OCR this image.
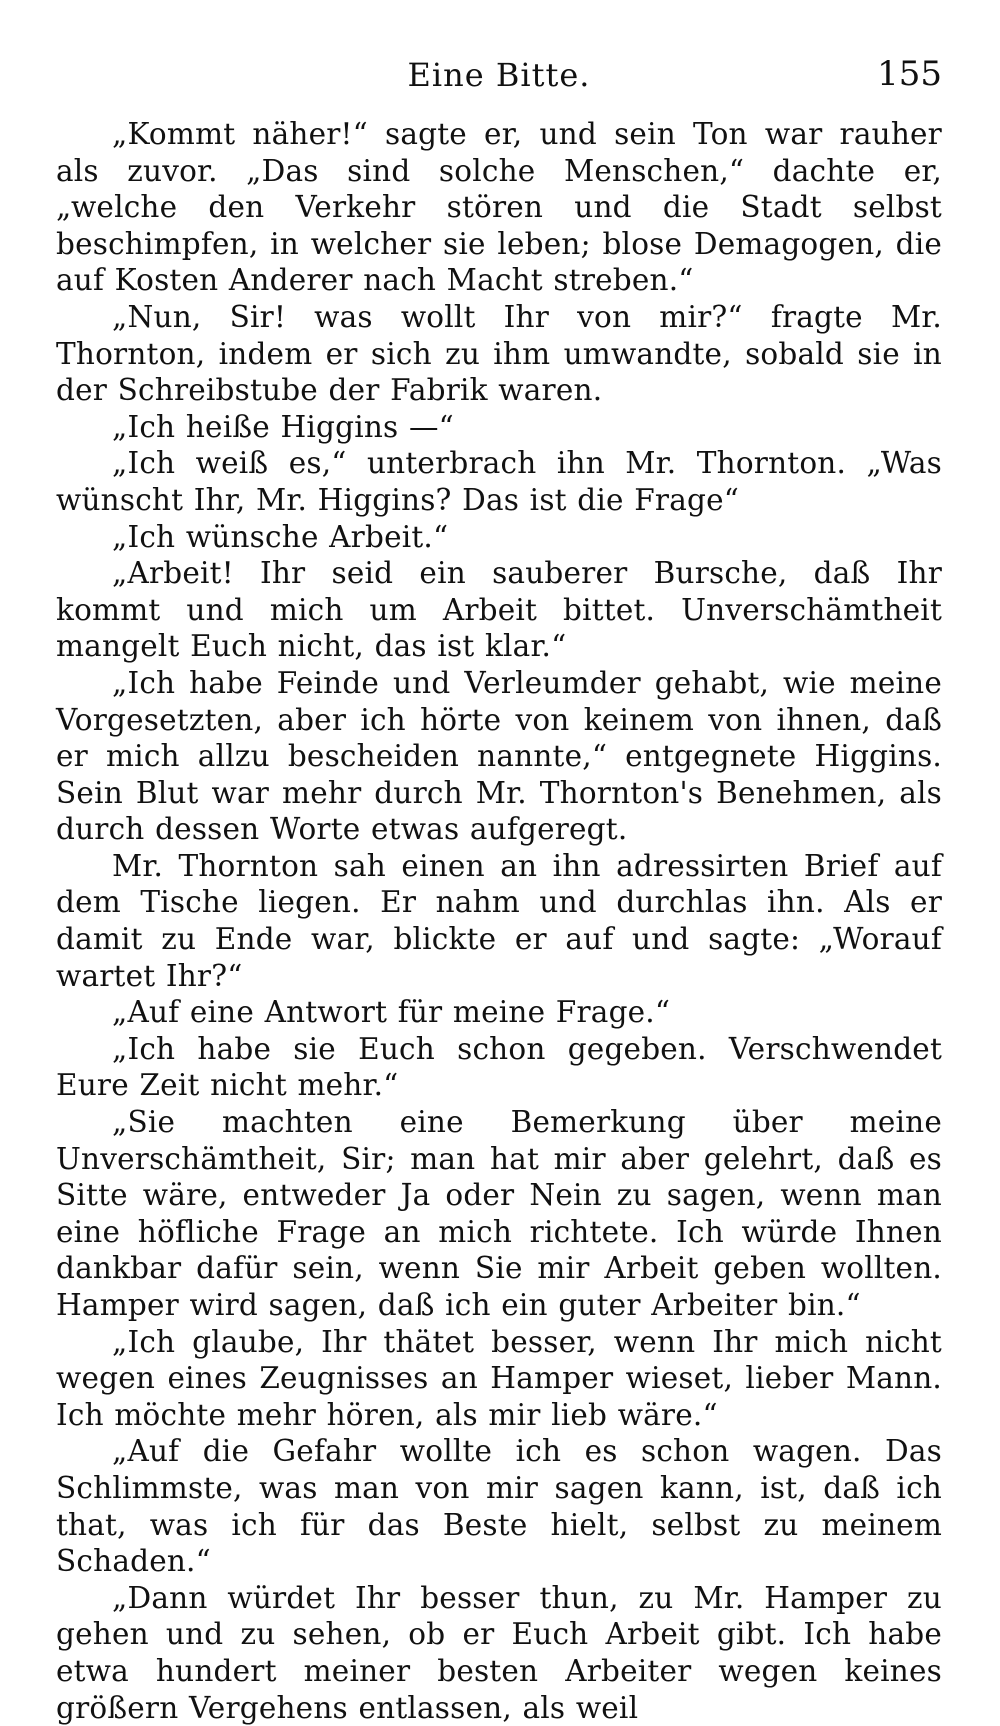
Eine Bitte.	155

„Kommt näher!“ sagte er, und sein Ton war rauher als zuvor. „Das sind solche Menschen,“ dachte er, „welche den Verkehr stören und die Stadt selbst beschimpfen, in welcher sie leben; blose Demagogen, die auf Kosten Anderer nach Macht streben.“

„Nun, Sir! was wollt Ihr von mir?“ fragte Mr. Thornton, indem er sich zu ihm umwandte, sobald sie in der Schreibstube der Fabrik waren.

„Ich heiße Higgins —“

„Ich weiß es,“ unterbrach ihn Mr. Thornton. „Was wünscht Ihr, Mr. Higgins? Das ist die Frage“

„Ich wünsche Arbeit.“

„Arbeit! Ihr seid ein sauberer Bursche, daß Ihr kommt und mich um Arbeit bittet. Unverschämtheit mangelt Euch nicht, das ist klar.“

„Ich habe Feinde und Verleumder gehabt, wie meine Vorgesetzten, aber ich hörte von keinem von ihnen, daß er mich allzu bescheiden nannte,“ entgegnete Higgins. Sein Blut war mehr durch Mr. Thornton's Benehmen, als durch dessen Worte etwas aufgeregt.

Mr. Thornton sah einen an ihn adressirten Brief auf dem Tische liegen. Er nahm und durchlas ihn. Als er damit zu Ende war, blickte er auf und sagte: „Worauf wartet Ihr?“

„Auf eine Antwort für meine Frage.“

„Ich habe sie Euch schon gegeben. Verschwendet Eure Zeit nicht mehr.“

„Sie machten eine Bemerkung über meine Unverschämtheit, Sir; man hat mir aber gelehrt, daß es Sitte wäre, entweder Ja oder Nein zu sagen, wenn man eine höfliche Frage an mich richtete. Ich würde Ihnen dankbar dafür sein, wenn Sie mir Arbeit geben wollten. Hamper wird sagen, daß ich ein guter Arbeiter bin.“

„Ich glaube, Ihr thätet besser, wenn Ihr mich nicht wegen eines Zeugnisses an Hamper wieset, lieber Mann. Ich möchte mehr hören, als mir lieb wäre.“

„Auf die Gefahr wollte ich es schon wagen. Das Schlimmste, was man von mir sagen kann, ist, daß ich that, was ich für das Beste hielt, selbst zu meinem Schaden.“

„Dann würdet Ihr besser thun, zu Mr. Hamper zu gehen und zu sehen, ob er Euch Arbeit gibt. Ich habe etwa hundert meiner besten Arbeiter wegen keines größern Vergehens entlassen, als weil
